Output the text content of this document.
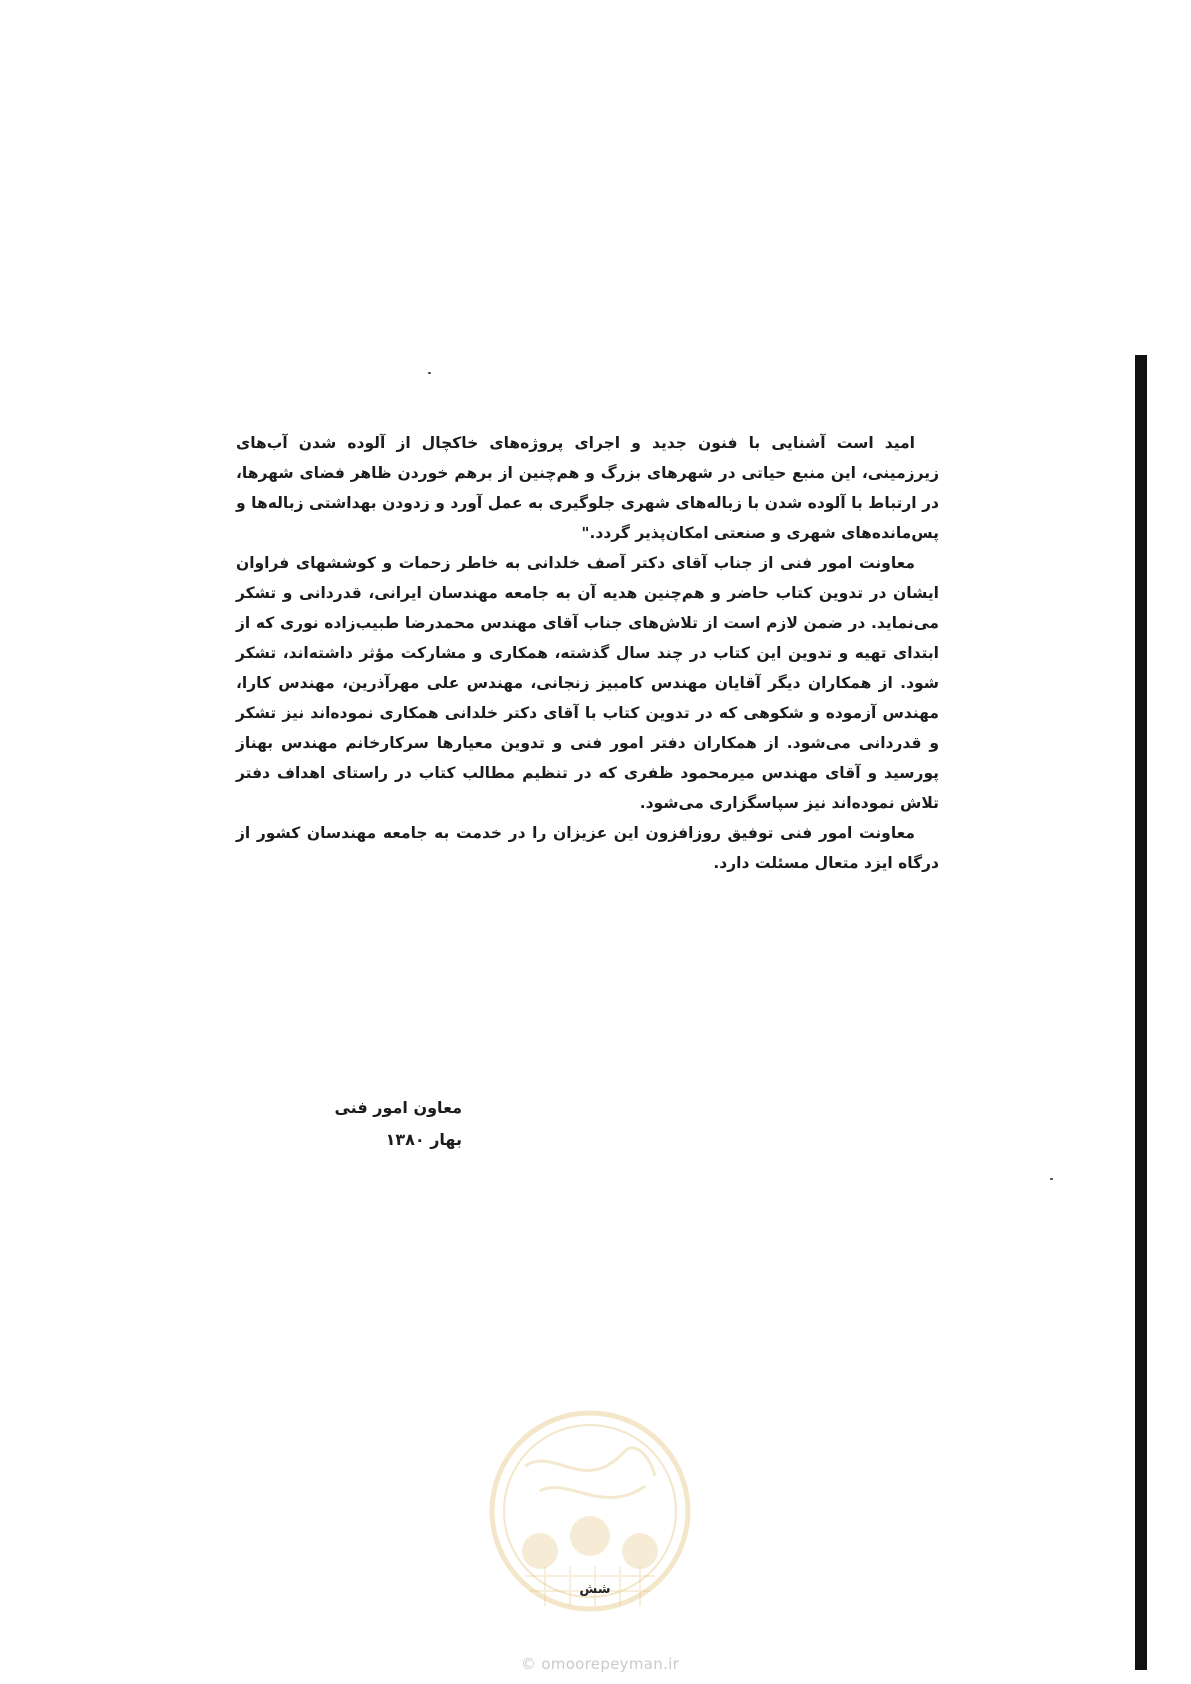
امید است آشنایی با فنون جدید و اجرای پروژه‌های خاکچال از آلوده شدن آب‌های زیرزمینی، این منبع حیاتی در شهرهای بزرگ و هم‌چنین از برهم خوردن ظاهر فضای شهرها، در ارتباط با آلوده شدن با زباله‌های شهری جلوگیری به عمل آورد و زدودن بهداشتی زباله‌ها و پس‌مانده‌های شهری و صنعتی امکان‌پذیر گردد."

معاونت امور فنی از جناب آقای دکتر آصف خلدانی به خاطر زحمات و کوششهای فراوان ایشان در تدوین کتاب حاضر و هم‌چنین هدیه آن به جامعه مهندسان ایرانی، قدردانی و تشکر می‌نماید. در ضمن لازم است از تلاش‌های جناب آقای مهندس محمدرضا طبیب‌زاده نوری که از ابتدای تهیه و تدوین این کتاب در چند سال گذشته، همکاری و مشارکت مؤثر داشته‌اند، تشکر شود. از همکاران دیگر آقایان مهندس کامبیز زنجانی، مهندس علی مهرآذرین، مهندس کارا، مهندس آزموده و شکوهی که در تدوین کتاب با آقای دکتر خلدانی همکاری نموده‌اند نیز تشکر و قدردانی می‌شود. از همکاران دفتر امور فنی و تدوین معیارها سرکارخانم مهندس بهناز پورسید و آقای مهندس میرمحمود ظفری که در تنظیم مطالب کتاب در راستای اهداف دفتر تلاش نموده‌اند نیز سپاسگزاری می‌شود.

معاونت امور فنی توفیق روزافزون این عزیزان را در خدمت به جامعه مهندسان کشور از درگاه ایزد متعال مسئلت دارد.

معاون امور فنی
بهار ۱۳۸۰
شش
© omoorepeyman.ir
